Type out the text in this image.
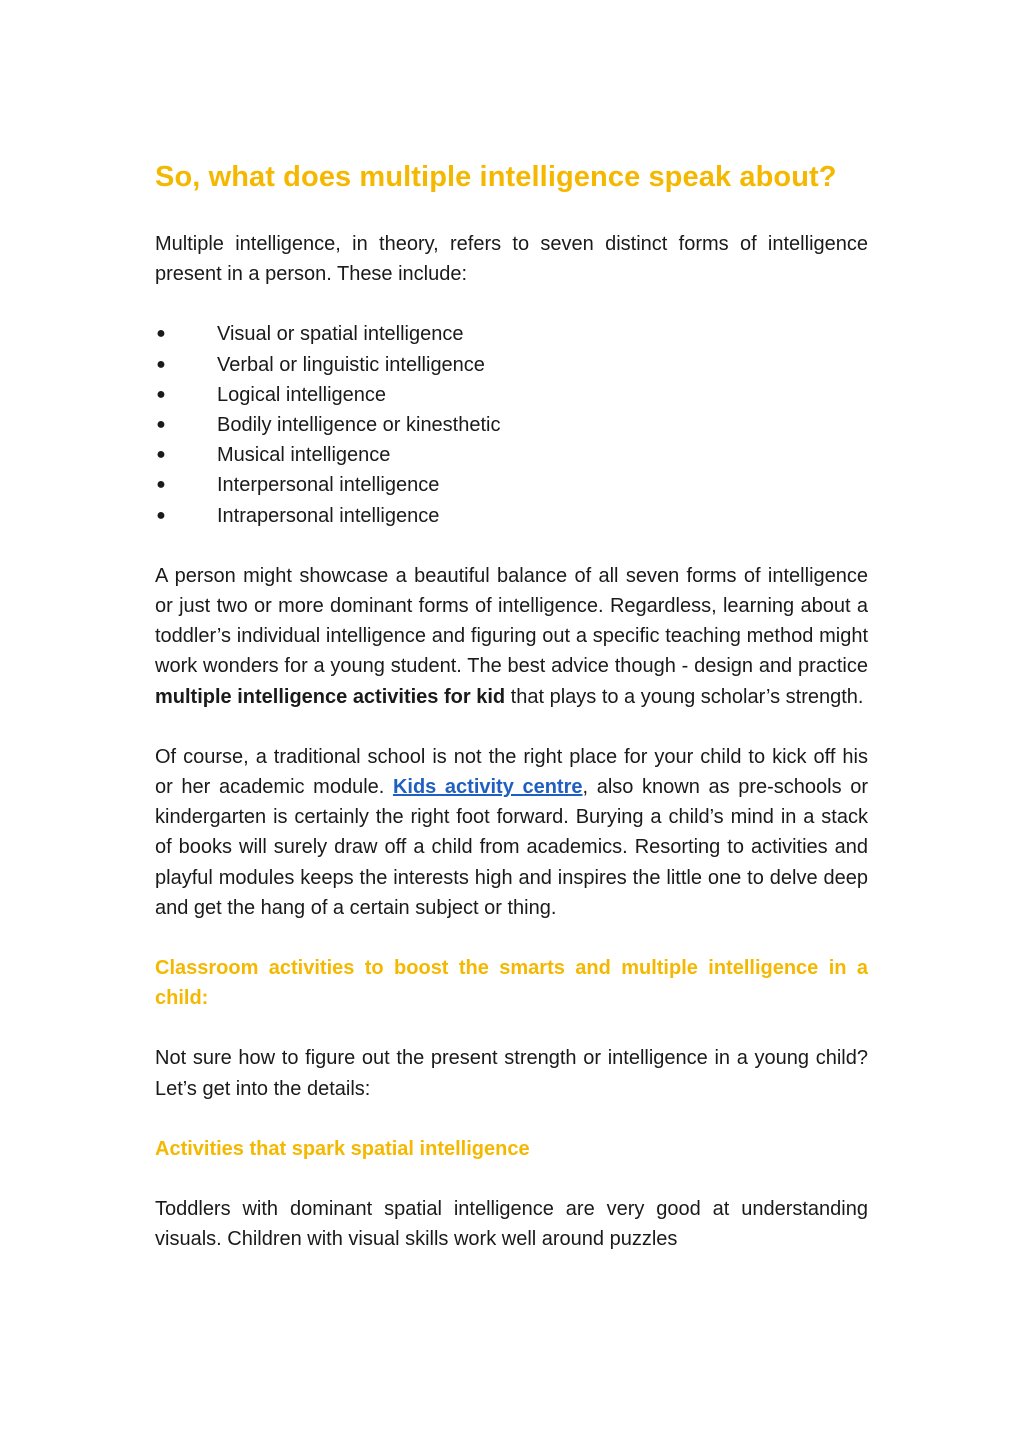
So, what does multiple intelligence speak about?

Multiple intelligence, in theory, refers to seven distinct forms of intelligence present in a person. These include:

●	Visual or spatial intelligence
●	Verbal or linguistic intelligence
●	Logical intelligence
●	Bodily intelligence or kinesthetic
●	Musical intelligence
●	Interpersonal intelligence
●	Intrapersonal intelligence

A person might showcase a beautiful balance of all seven forms of intelligence or just two or more dominant forms of intelligence. Regardless, learning about a toddler’s individual intelligence and figuring out a specific teaching method might work wonders for a young student. The best advice though - design and practice multiple intelligence activities for kid that plays to a young scholar’s strength.

Of course, a traditional school is not the right place for your child to kick off his or her academic module. Kids activity centre, also known as pre-schools or kindergarten is certainly the right foot forward. Burying a child’s mind in a stack of books will surely draw off a child from academics. Resorting to activities and playful modules keeps the interests high and inspires the little one to delve deep and get the hang of a certain subject or thing.

Classroom activities to boost the smarts and multiple intelligence in a child:

Not sure how to figure out the present strength or intelligence in a young child? Let’s get into the details:

Activities that spark spatial intelligence

Toddlers with dominant spatial intelligence are very good at understanding visuals. Children with visual skills work well around puzzles
